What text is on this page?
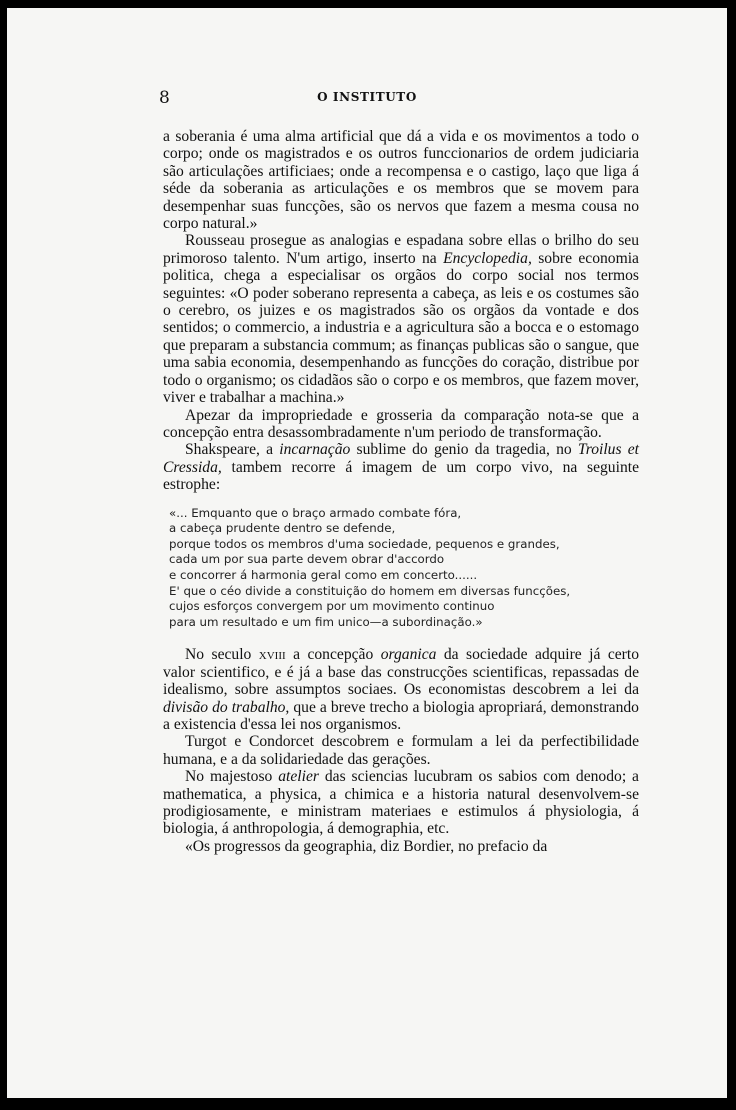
8	O INSTITUTO

a soberania é uma alma artificial que dá a vida e os movimentos a todo o corpo; onde os magistrados e os outros funccionarios de ordem judiciaria são articulações artificiaes; onde a recompensa e o castigo, laço que liga á séde da soberania as articulações e os membros que se movem para desempenhar suas funcções, são os nervos que fazem a mesma cousa no corpo natural.»

Rousseau prosegue as analogias e espadana sobre ellas o brilho do seu primoroso talento. N'um artigo, inserto na Encyclopedia, sobre economia politica, chega a especialisar os orgãos do corpo social nos termos seguintes: «O poder soberano representa a cabeça, as leis e os costumes são o cerebro, os juizes e os magistrados são os orgãos da vontade e dos sentidos; o commercio, a industria e a agricultura são a bocca e o estomago que preparam a substancia commum; as finanças publicas são o sangue, que uma sabia economia, desempenhando as funcções do coração, distribue por todo o organismo; os cidadãos são o corpo e os membros, que fazem mover, viver e trabalhar a machina.»

Apezar da impropriedade e grosseria da comparação nota-se que a concepção entra desassombradamente n'um periodo de transformação.

Shakspeare, a incarnação sublime do genio da tragedia, no Troilus et Cressida, tambem recorre á imagem de um corpo vivo, na seguinte estrophe:

«... Emquanto que o braço armado combate fóra,
a cabeça prudente dentro se defende,
porque todos os membros d'uma sociedade, pequenos e grandes,
cada um por sua parte devem obrar d'accordo
e concorrer á harmonia geral como em concerto......
E' que o céo divide a constituição do homem em diversas funcções,
cujos esforços convergem por um movimento continuo
para um resultado e um fim unico—a subordinação.»

No seculo xviii a concepção organica da sociedade adquire já certo valor scientifico, e é já a base das construcções scientificas, repassadas de idealismo, sobre assumptos sociaes. Os economistas descobrem a lei da divisão do trabalho, que a breve trecho a biologia apropriará, demonstrando a existencia d'essa lei nos organismos.

Turgot e Condorcet descobrem e formulam a lei da perfectibilidade humana, e a da solidariedade das gerações.

No majestoso atelier das sciencias lucubram os sabios com denodo; a mathematica, a physica, a chimica e a historia natural desenvolvem-se prodigiosamente, e ministram materiaes e estimulos á physiologia, á biologia, á anthropologia, á demographia, etc.

«Os progressos da geographia, diz Bordier, no prefacio da
